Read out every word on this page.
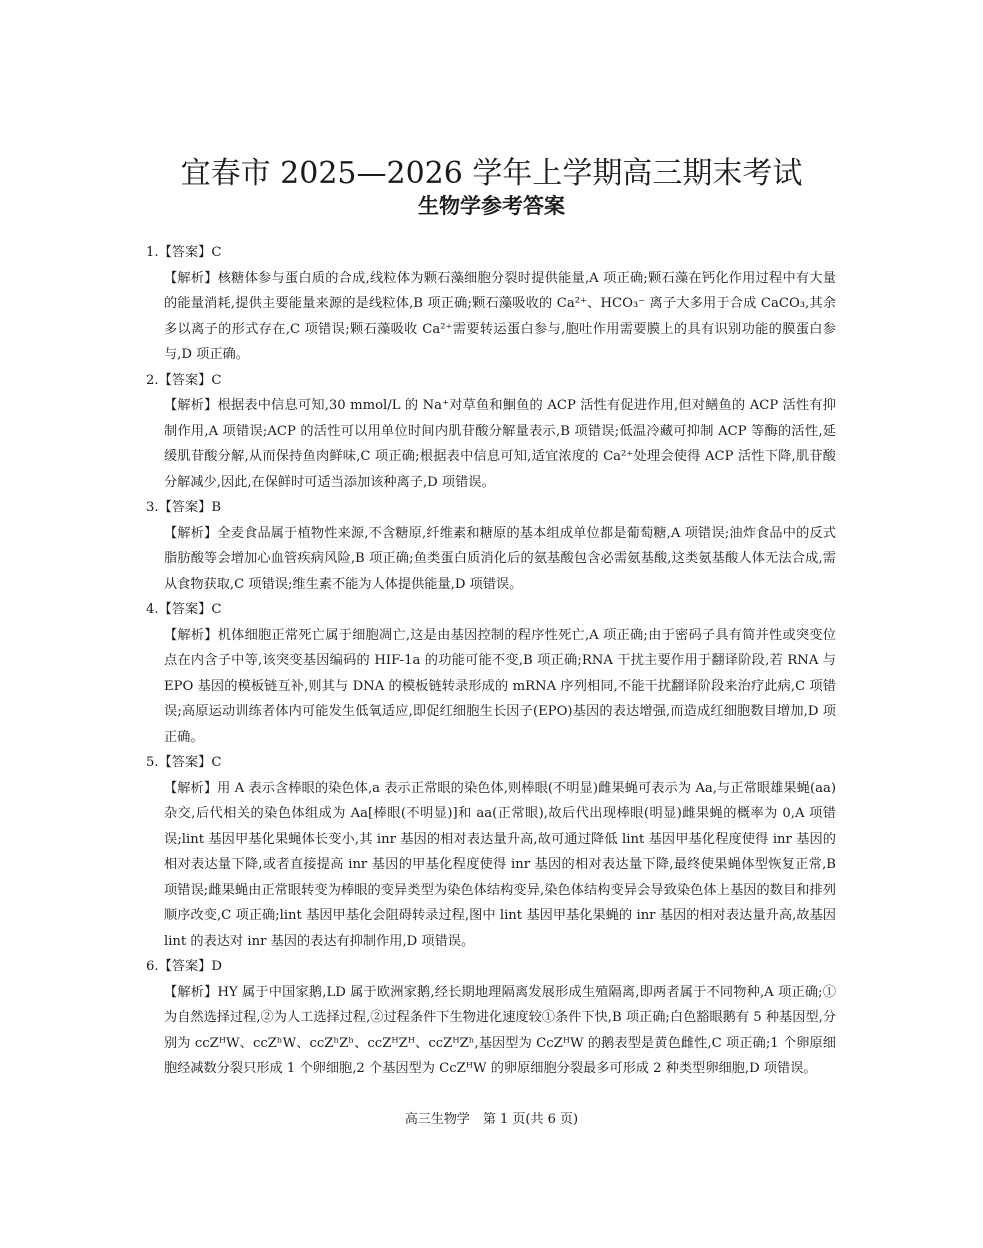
宜春市 2025—2026 学年上学期高三期末考试
生物学参考答案

1.【答案】C

【解析】核糖体参与蛋白质的合成,线粒体为颗石藻细胞分裂时提供能量,A 项正确;颗石藻在钙化作用过程中有大量的能量消耗,提供主要能量来源的是线粒体,B 项正确;颗石藻吸收的 Ca²⁺、HCO₃⁻ 离子大多用于合成 CaCO₃,其余多以离子的形式存在,C 项错误;颗石藻吸收 Ca²⁺需要转运蛋白参与,胞吐作用需要膜上的具有识别功能的膜蛋白参与,D 项正确。

2.【答案】C

【解析】根据表中信息可知,30 mmol/L 的 Na⁺对草鱼和鮰鱼的 ACP 活性有促进作用,但对鳝鱼的 ACP 活性有抑制作用,A 项错误;ACP 的活性可以用单位时间内肌苷酸分解量表示,B 项错误;低温冷藏可抑制 ACP 等酶的活性,延缓肌苷酸分解,从而保持鱼肉鲜味,C 项正确;根据表中信息可知,适宜浓度的 Ca²⁺处理会使得 ACP 活性下降,肌苷酸分解减少,因此,在保鲜时可适当添加该种离子,D 项错误。

3.【答案】B

【解析】全麦食品属于植物性来源,不含糖原,纤维素和糖原的基本组成单位都是葡萄糖,A 项错误;油炸食品中的反式脂肪酸等会增加心血管疾病风险,B 项正确;鱼类蛋白质消化后的氨基酸包含必需氨基酸,这类氨基酸人体无法合成,需从食物获取,C 项错误;维生素不能为人体提供能量,D 项错误。

4.【答案】C

【解析】机体细胞正常死亡属于细胞凋亡,这是由基因控制的程序性死亡,A 项正确;由于密码子具有简并性或突变位点在内含子中等,该突变基因编码的 HIF-1a 的功能可能不变,B 项正确;RNA 干扰主要作用于翻译阶段,若 RNA 与 EPO 基因的模板链互补,则其与 DNA 的模板链转录形成的 mRNA 序列相同,不能干扰翻译阶段来治疗此病,C 项错误;高原运动训练者体内可能发生低氧适应,即促红细胞生长因子(EPO)基因的表达增强,而造成红细胞数目增加,D 项正确。

5.【答案】C

【解析】用 A 表示含棒眼的染色体,a 表示正常眼的染色体,则棒眼(不明显)雌果蝇可表示为 Aa,与正常眼雄果蝇(aa)杂交,后代相关的染色体组成为 Aa[棒眼(不明显)]和 aa(正常眼),故后代出现棒眼(明显)雌果蝇的概率为 0,A 项错误;lint 基因甲基化果蝇体长变小,其 inr 基因的相对表达量升高,故可通过降低 lint 基因甲基化程度使得 inr 基因的相对表达量下降,或者直接提高 inr 基因的甲基化程度使得 inr 基因的相对表达量下降,最终使果蝇体型恢复正常,B 项错误;雌果蝇由正常眼转变为棒眼的变异类型为染色体结构变异,染色体结构变异会导致染色体上基因的数目和排列顺序改变,C 项正确;lint 基因甲基化会阻碍转录过程,图中 lint 基因甲基化果蝇的 inr 基因的相对表达量升高,故基因 lint 的表达对 inr 基因的表达有抑制作用,D 项错误。

6.【答案】D

【解析】HY 属于中国家鹅,LD 属于欧洲家鹅,经长期地理隔离发展形成生殖隔离,即两者属于不同物种,A 项正确;①为自然选择过程,②为人工选择过程,②过程条件下生物进化速度较①条件下快,B 项正确;白色豁眼鹅有 5 种基因型,分别为 ccZᴴW、ccZʰW、ccZʰZʰ、ccZᴴZᴴ、ccZᴴZʰ,基因型为 CcZᴴW 的鹅表型是黄色雌性,C 项正确;1 个卵原细胞经减数分裂只形成 1 个卵细胞,2 个基因型为 CcZᴴW 的卵原细胞分裂最多可形成 2 种类型卵细胞,D 项错误。

高三生物学　第 1 页(共 6 页)
